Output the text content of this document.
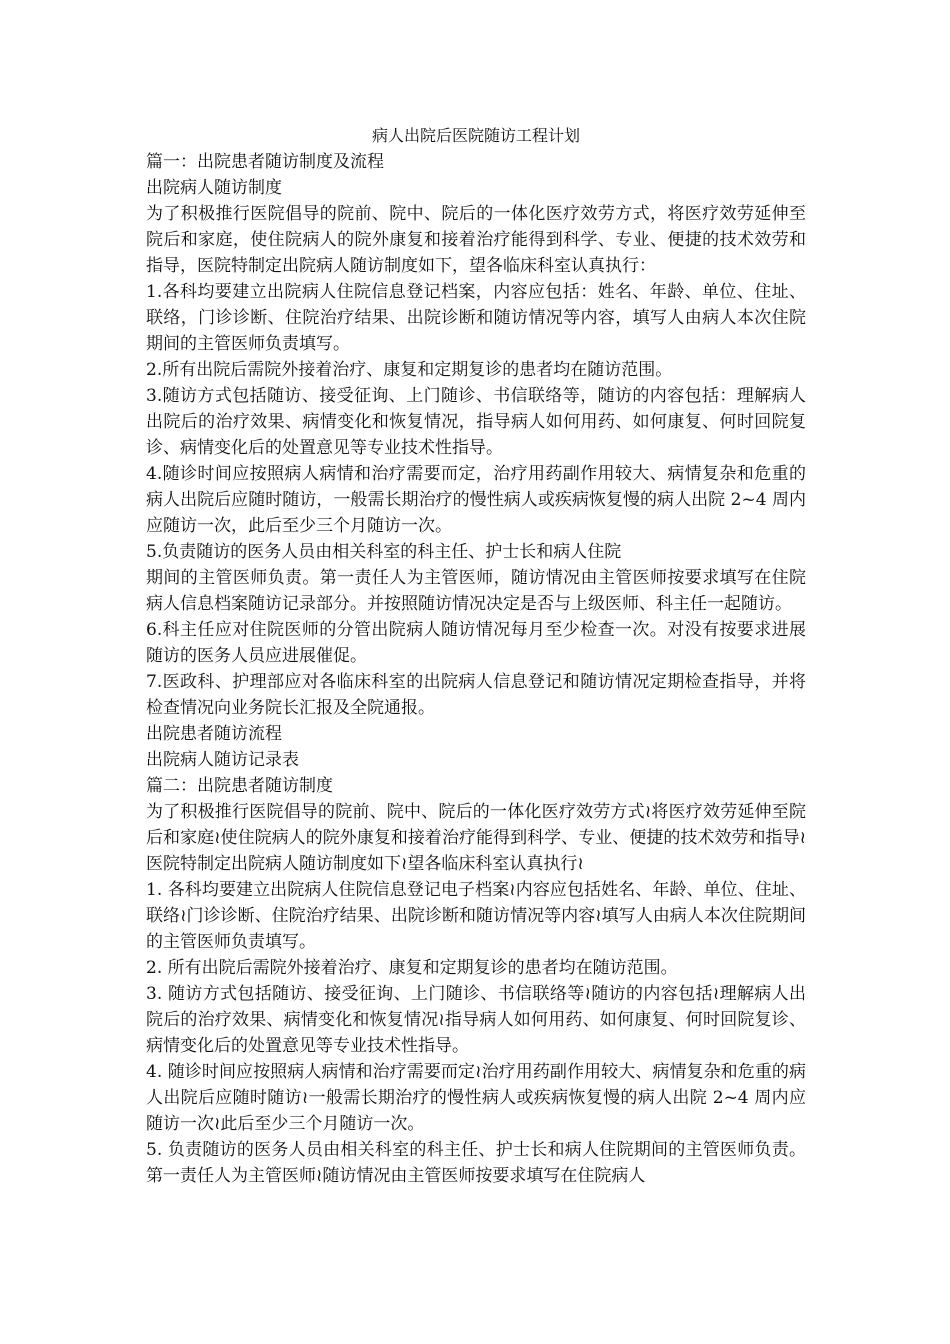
病人出院后医院随访工程计划

篇一：出院患者随访制度及流程

出院病人随访制度

为了积极推行医院倡导的院前、院中、院后的一体化医疗效劳方式，将医疗效劳延伸至院后和家庭，使住院病人的院外康复和接着治疗能得到科学、专业、便捷的技术效劳和指导，医院特制定出院病人随访制度如下，望各临床科室认真执行：

1.各科均要建立出院病人住院信息登记档案，内容应包括：姓名、年龄、单位、住址、联络，门诊诊断、住院治疗结果、出院诊断和随访情况等内容，填写人由病人本次住院期间的主管医师负责填写。

2.所有出院后需院外接着治疗、康复和定期复诊的患者均在随访范围。

3.随访方式包括随访、接受征询、上门随诊、书信联络等，随访的内容包括：理解病人出院后的治疗效果、病情变化和恢复情况，指导病人如何用药、如何康复、何时回院复诊、病情变化后的处置意见等专业技术性指导。

4.随诊时间应按照病人病情和治疗需要而定，治疗用药副作用较大、病情复杂和危重的病人出院后应随时随访，一般需长期治疗的慢性病人或疾病恢复慢的病人出院 2~4 周内应随访一次，此后至少三个月随访一次。

5.负责随访的医务人员由相关科室的科主任、护士长和病人住院

期间的主管医师负责。第一责任人为主管医师，随访情况由主管医师按要求填写在住院病人信息档案随访记录部分。并按照随访情况决定是否与上级医师、科主任一起随访。

6.科主任应对住院医师的分管出院病人随访情况每月至少检查一次。对没有按要求进展随访的医务人员应进展催促。

7.医政科、护理部应对各临床科室的出院病人信息登记和随访情况定期检查指导，并将检查情况向业务院长汇报及全院通报。

出院患者随访流程

出院病人随访记录表

篇二：出院患者随访制度

为了积极推行医院倡导的院前、院中、院后的一体化医疗效劳方式≀将医疗效劳延伸至院后和家庭≀使住院病人的院外康复和接着治疗能得到科学、专业、便捷的技术效劳和指导≀医院特制定出院病人随访制度如下≀望各临床科室认真执行≀

1. 各科均要建立出院病人住院信息登记电子档案≀内容应包括姓名、年龄、单位、住址、联络≀门诊诊断、住院治疗结果、出院诊断和随访情况等内容≀填写人由病人本次住院期间的主管医师负责填写。

2. 所有出院后需院外接着治疗、康复和定期复诊的患者均在随访范围。

3. 随访方式包括随访、接受征询、上门随诊、书信联络等≀随访的内容包括≀理解病人出院后的治疗效果、病情变化和恢复情况≀指导病人如何用药、如何康复、何时回院复诊、病情变化后的处置意见等专业技术性指导。

4. 随诊时间应按照病人病情和治疗需要而定≀治疗用药副作用较大、病情复杂和危重的病人出院后应随时随访≀一般需长期治疗的慢性病人或疾病恢复慢的病人出院 2~4 周内应随访一次≀此后至少三个月随访一次。

5. 负责随访的医务人员由相关科室的科主任、护士长和病人住院期间的主管医师负责。第一责任人为主管医师≀随访情况由主管医师按要求填写在住院病人
